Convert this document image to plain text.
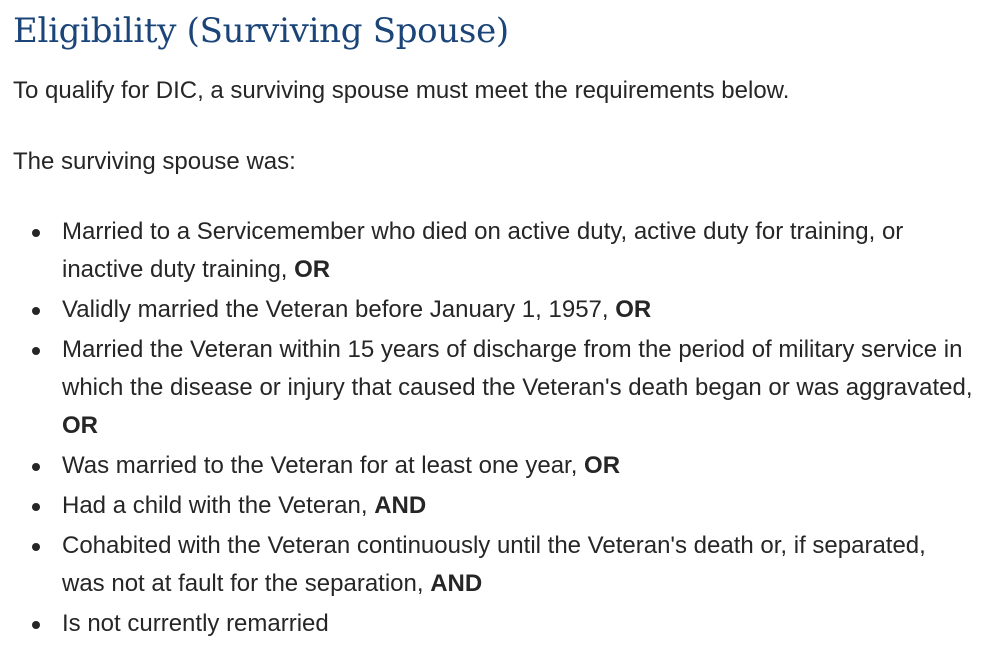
Eligibility (Surviving Spouse)

To qualify for DIC, a surviving spouse must meet the requirements below.

The surviving spouse was:

Married to a Servicemember who died on active duty, active duty for training, or inactive duty training, OR
Validly married the Veteran before January 1, 1957, OR
Married the Veteran within 15 years of discharge from the period of military service in which the disease or injury that caused the Veteran's death began or was aggravated, OR
Was married to the Veteran for at least one year, OR
Had a child with the Veteran, AND
Cohabited with the Veteran continuously until the Veteran's death or, if separated, was not at fault for the separation, AND
Is not currently remarried
